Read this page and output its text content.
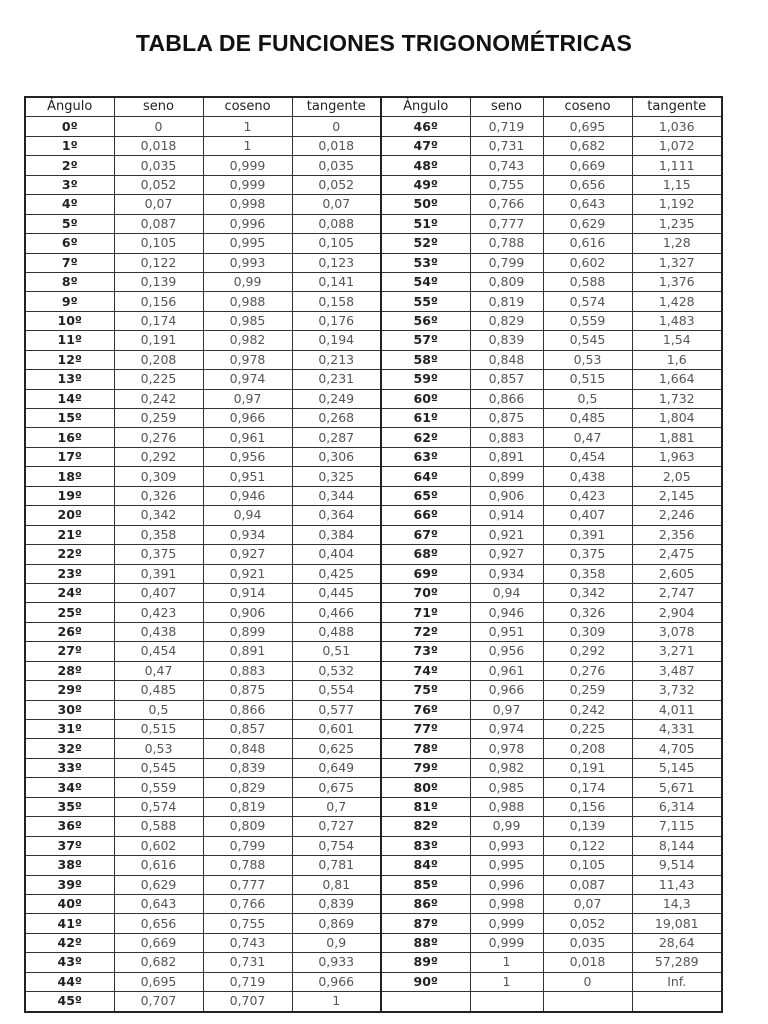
TABLA DE FUNCIONES TRIGONOMÉTRICAS
Ángulo	seno	coseno	tangente	Ángulo	seno	coseno	tangente
0º	0	1	0	46º	0,719	0,695	1,036
1º	0,018	1	0,018	47º	0,731	0,682	1,072
2º	0,035	0,999	0,035	48º	0,743	0,669	1,111
3º	0,052	0,999	0,052	49º	0,755	0,656	1,15
4º	0,07	0,998	0,07	50º	0,766	0,643	1,192
5º	0,087	0,996	0,088	51º	0,777	0,629	1,235
6º	0,105	0,995	0,105	52º	0,788	0,616	1,28
7º	0,122	0,993	0,123	53º	0,799	0,602	1,327
8º	0,139	0,99	0,141	54º	0,809	0,588	1,376
9º	0,156	0,988	0,158	55º	0,819	0,574	1,428
10º	0,174	0,985	0,176	56º	0,829	0,559	1,483
11º	0,191	0,982	0,194	57º	0,839	0,545	1,54
12º	0,208	0,978	0,213	58º	0,848	0,53	1,6
13º	0,225	0,974	0,231	59º	0,857	0,515	1,664
14º	0,242	0,97	0,249	60º	0,866	0,5	1,732
15º	0,259	0,966	0,268	61º	0,875	0,485	1,804
16º	0,276	0,961	0,287	62º	0,883	0,47	1,881
17º	0,292	0,956	0,306	63º	0,891	0,454	1,963
18º	0,309	0,951	0,325	64º	0,899	0,438	2,05
19º	0,326	0,946	0,344	65º	0,906	0,423	2,145
20º	0,342	0,94	0,364	66º	0,914	0,407	2,246
21º	0,358	0,934	0,384	67º	0,921	0,391	2,356
22º	0,375	0,927	0,404	68º	0,927	0,375	2,475
23º	0,391	0,921	0,425	69º	0,934	0,358	2,605
24º	0,407	0,914	0,445	70º	0,94	0,342	2,747
25º	0,423	0,906	0,466	71º	0,946	0,326	2,904
26º	0,438	0,899	0,488	72º	0,951	0,309	3,078
27º	0,454	0,891	0,51	73º	0,956	0,292	3,271
28º	0,47	0,883	0,532	74º	0,961	0,276	3,487
29º	0,485	0,875	0,554	75º	0,966	0,259	3,732
30º	0,5	0,866	0,577	76º	0,97	0,242	4,011
31º	0,515	0,857	0,601	77º	0,974	0,225	4,331
32º	0,53	0,848	0,625	78º	0,978	0,208	4,705
33º	0,545	0,839	0,649	79º	0,982	0,191	5,145
34º	0,559	0,829	0,675	80º	0,985	0,174	5,671
35º	0,574	0,819	0,7	81º	0,988	0,156	6,314
36º	0,588	0,809	0,727	82º	0,99	0,139	7,115
37º	0,602	0,799	0,754	83º	0,993	0,122	8,144
38º	0,616	0,788	0,781	84º	0,995	0,105	9,514
39º	0,629	0,777	0,81	85º	0,996	0,087	11,43
40º	0,643	0,766	0,839	86º	0,998	0,07	14,3
41º	0,656	0,755	0,869	87º	0,999	0,052	19,081
42º	0,669	0,743	0,9	88º	0,999	0,035	28,64
43º	0,682	0,731	0,933	89º	1	0,018	57,289
44º	0,695	0,719	0,966	90º	1	0	Inf.
45º	0,707	0,707	1				
